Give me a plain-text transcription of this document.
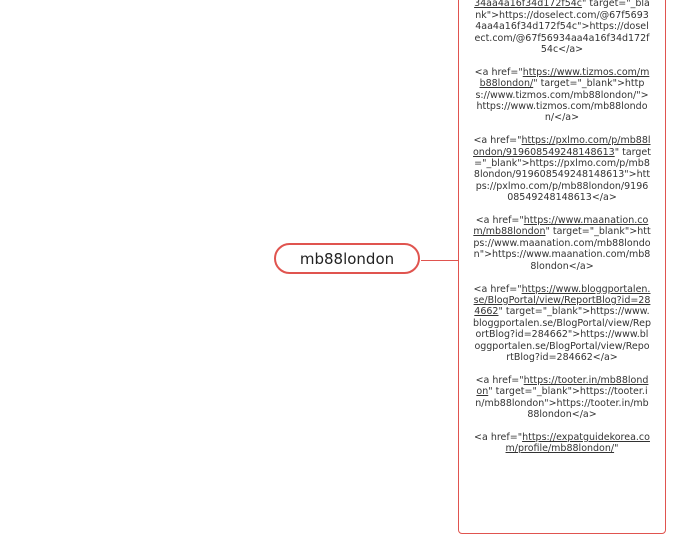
mb88london
34aa4a16f34d172f54c" target="_blank">https://doselect.com/@67f56934aa4a16f34d172f54c">https://doselect.com/@67f56934aa4a16f34d172f54c</a>
<a href="https://www.tizmos.com/mb88london/" target="_blank">https://www.tizmos.com/mb88london/">https://www.tizmos.com/mb88london/</a>
<a href="https://pxlmo.com/p/mb88london/919608549248148613" target="_blank">https://pxlmo.com/p/mb88london/919608549248148613">https://pxlmo.com/p/mb88london/919608549248148613</a>
<a href="https://www.maanation.com/mb88london" target="_blank">https://www.maanation.com/mb88london">https://www.maanation.com/mb88london</a>
<a href="https://www.bloggportalen.se/BlogPortal/view/ReportBlog?id=284662" target="_blank">https://www.bloggportalen.se/BlogPortal/view/ReportBlog?id=284662">https://www.bloggportalen.se/BlogPortal/view/ReportBlog?id=284662</a>
<a href="https://tooter.in/mb88london" target="_blank">https://tooter.in/mb88london">https://tooter.in/mb88london</a>
<a href="https://expatguidekorea.com/profile/mb88london/"
